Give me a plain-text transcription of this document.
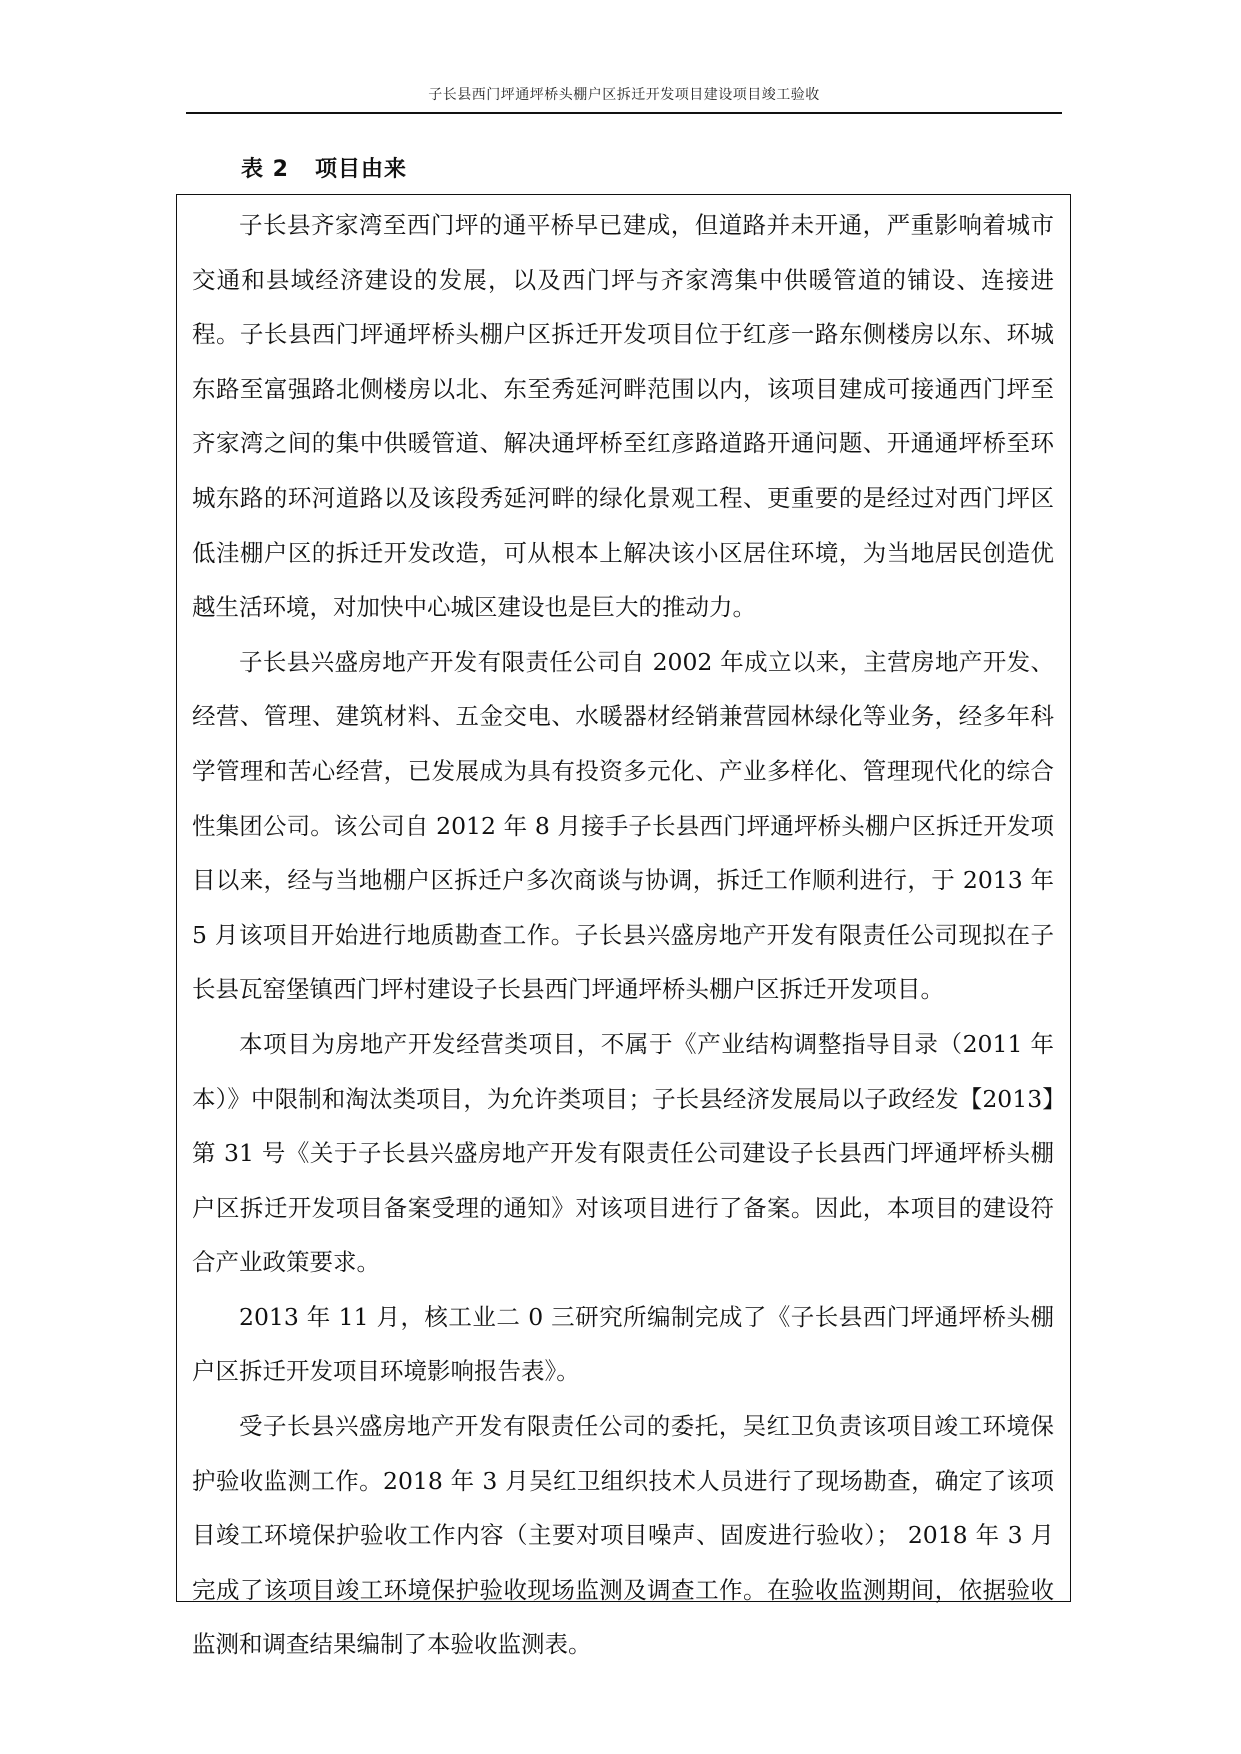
子长县西门坪通坪桥头棚户区拆迁开发项目建设项目竣工验收
表 2 项目由来

子长县齐家湾至西门坪的通平桥早已建成，但道路并未开通，严重影响着城市交通和县域经济建设的发展，以及西门坪与齐家湾集中供暖管道的铺设、连接进程。子长县西门坪通坪桥头棚户区拆迁开发项目位于红彦一路东侧楼房以东、环城东路至富强路北侧楼房以北、东至秀延河畔范围以内，该项目建成可接通西门坪至齐家湾之间的集中供暖管道、解决通坪桥至红彦路道路开通问题、开通通坪桥至环城东路的环河道路以及该段秀延河畔的绿化景观工程、更重要的是经过对西门坪区低洼棚户区的拆迁开发改造，可从根本上解决该小区居住环境，为当地居民创造优越生活环境，对加快中心城区建设也是巨大的推动力。

子长县兴盛房地产开发有限责任公司自 2002 年成立以来，主营房地产开发、经营、管理、建筑材料、五金交电、水暖器材经销兼营园林绿化等业务，经多年科学管理和苦心经营，已发展成为具有投资多元化、产业多样化、管理现代化的综合性集团公司。该公司自 2012 年 8 月接手子长县西门坪通坪桥头棚户区拆迁开发项目以来，经与当地棚户区拆迁户多次商谈与协调，拆迁工作顺利进行，于 2013 年 5 月该项目开始进行地质勘查工作。子长县兴盛房地产开发有限责任公司现拟在子长县瓦窑堡镇西门坪村建设子长县西门坪通坪桥头棚户区拆迁开发项目。

本项目为房地产开发经营类项目，不属于《产业结构调整指导目录（2011 年本）》中限制和淘汰类项目，为允许类项目；子长县经济发展局以子政经发【2013】第 31 号《关于子长县兴盛房地产开发有限责任公司建设子长县西门坪通坪桥头棚户区拆迁开发项目备案受理的通知》对该项目进行了备案。因此，本项目的建设符合产业政策要求。

2013 年 11 月，核工业二 0 三研究所编制完成了《子长县西门坪通坪桥头棚户区拆迁开发项目环境影响报告表》。

受子长县兴盛房地产开发有限责任公司的委托，吴红卫负责该项目竣工环境保护验收监测工作。2018 年 3 月吴红卫组织技术人员进行了现场勘查，确定了该项目竣工环境保护验收工作内容（主要对项目噪声、固废进行验收）； 2018 年 3 月完成了该项目竣工环境保护验收现场监测及调查工作。在验收监测期间，依据验收监测和调查结果编制了本验收监测表。
